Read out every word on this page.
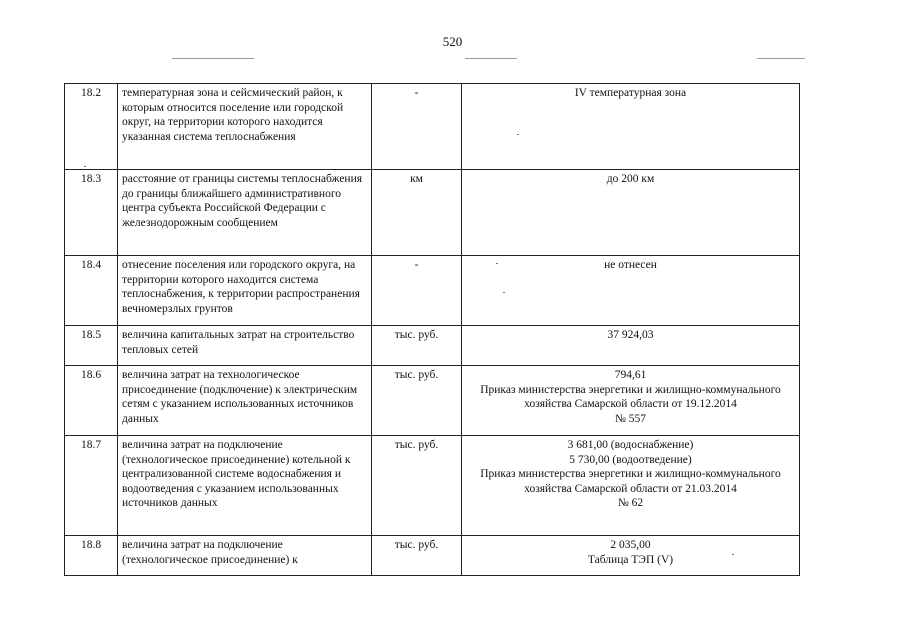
520
18.2	температурная зона и сейсмический район, к которым относится поселение или городской округ, на территории которого находится указанная система теплоснабжения	-	IV температурная зона

18.3	расстояние от границы системы теплоснабжения до границы ближайшего административного центра субъекта Российской Федерации с железнодорожным сообщением	км	до 200 км

18.4	отнесение поселения или городского округа, на территории которого находится система теплоснабжения, к территории распространения вечномерзлых грунтов	-	не отнесен

18.5	величина капитальных затрат на строительство тепловых сетей	тыс. руб.	37 924,03

18.6	величина затрат на технологическое присоединение (подключение) к электрическим сетям с указанием использованных источников данных	тыс. руб.	794,61
Приказ министерства энергетики и жилищно-коммунального хозяйства Самарской области от 19.12.2014
№ 557

18.7	величина затрат на подключение (технологическое присоединение) котельной к централизованной системе водоснабжения и водоотведения с указанием использованных источников данных	тыс. руб.	3 681,00 (водоснабжение)
5 730,00 (водоотведение)
Приказ министерства энергетики и жилищно-коммунального хозяйства Самарской области от 21.03.2014
№ 62

18.8	величина затрат на подключение (технологическое присоединение) к	тыс. руб.	2 035,00
Таблица ТЭП (V)
